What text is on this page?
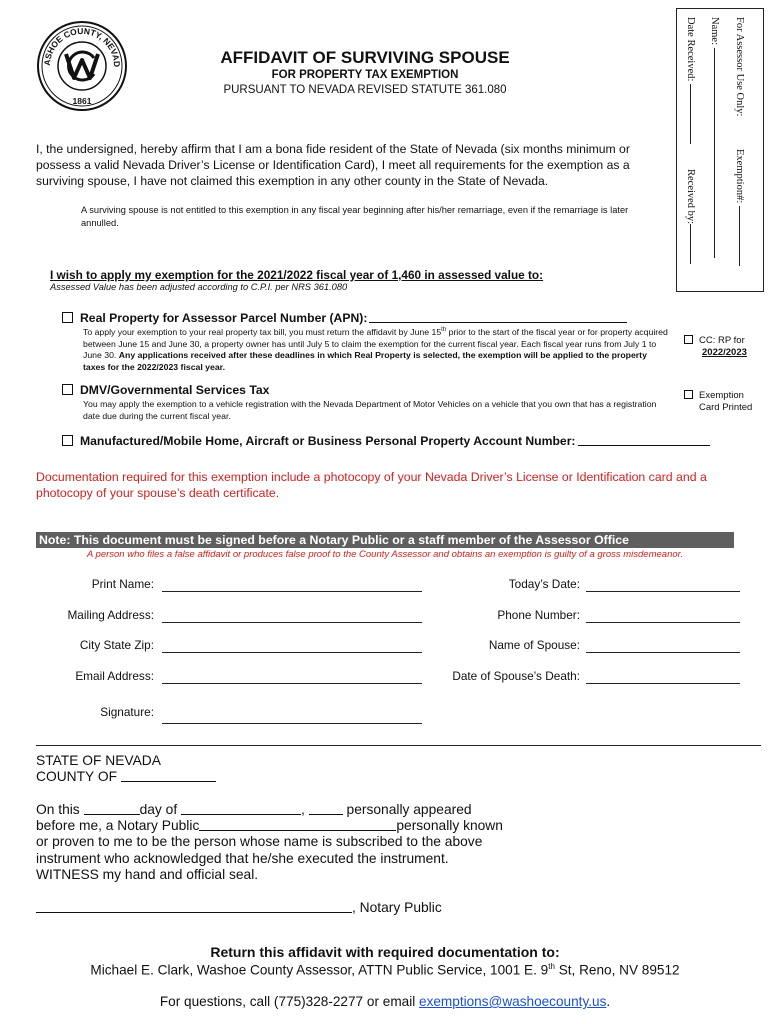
ASHOE COUNTY, NEVAD
1861
AFFIDAVIT OF SURVIVING SPOUSE
FOR PROPERTY TAX EXEMPTION
PURSUANT TO NEVADA REVISED STATUTE 361.080	For Assessor Use Only:
Name:
Exemption#:
Date Received:
Received by:
I, the undersigned, hereby affirm that I am a bona fide resident of the State of Nevada (six months minimum or possess a valid Nevada Driver’s License or Identification Card), I meet all requirements for the exemption as a surviving spouse, I have not claimed this exemption in any other county in the State of Nevada.
A surviving spouse is not entitled to this exemption in any fiscal year beginning after his/her remarriage, even if the remarriage is later annulled.
I wish to apply my exemption for the 2021/2022 fiscal year of 1,460 in assessed value to:
Assessed Value has been adjusted according to C.P.I. per NRS 361.080
Real Property for Assessor Parcel Number (APN):
To apply your exemption to your real property tax bill, you must return the affidavit by June 15th prior to the start of the fiscal year or for property acquired between June 15 and June 30, a property owner has until July 5 to claim the exemption for the current fiscal year. Each fiscal year runs from July 1 to June 30. Any applications received after these deadlines in which Real Property is selected, the exemption will be applied to the property taxes for the 2022/2023 fiscal year.
CC: RP for
2022/2023
Exemption
Card Printed
DMV/Governmental Services Tax
You may apply the exemption to a vehicle registration with the Nevada Department of Motor Vehicles on a vehicle that you own that has a registration date due during the current fiscal year.
Manufactured/Mobile Home, Aircraft or Business Personal Property Account Number:
Documentation required for this exemption include a photocopy of your Nevada Driver’s License or Identification card and a photocopy of your spouse’s death certificate.
Note: This document must be signed before a Notary Public or a staff member of the Assessor Office
A person who files a false affidavit or produces false proof to the County Assessor and obtains an exemption is guilty of a gross misdemeanor.
Print Name:
Mailing Address:
City State Zip:
Email Address:
Signature:
Today’s Date:
Phone Number:
Name of Spouse:
Date of Spouse’s Death:
STATE OF NEVADA
COUNTY OF
On this	day of	,	personally appeared
before me, a Notary Public	personally known
or proven to me to be the person whose name is subscribed to the above
instrument who acknowledged that he/she executed the instrument.
WITNESS my hand and official seal.
, Notary Public
Return this affidavit with required documentation to:
Michael E. Clark, Washoe County Assessor, ATTN Public Service, 1001 E. 9th St, Reno, NV 89512
For questions, call (775)328-2277 or email exemptions@washoecounty.us.
